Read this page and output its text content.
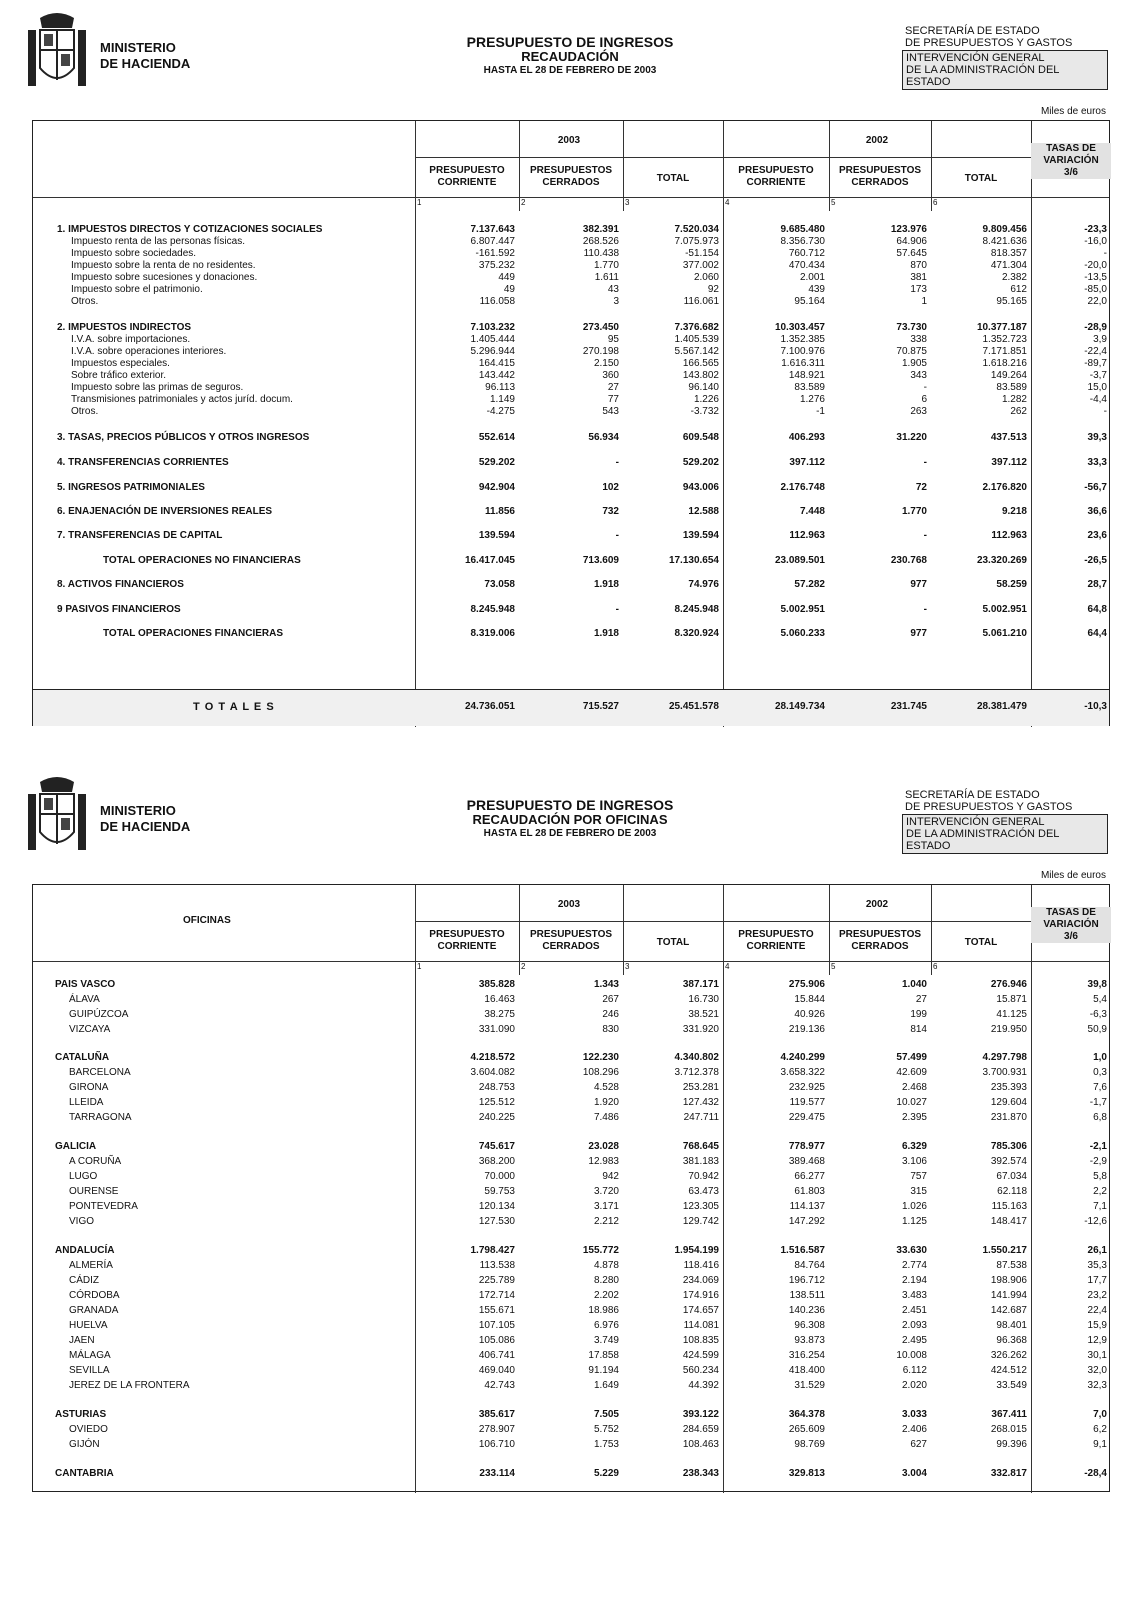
MINISTERIO
DE HACIENDA
PRESUPUESTO DE INGRESOS
RECAUDACIÓN
HASTA EL 28 DE FEBRERO DE 2003
SECRETARÍA DE ESTADO
DE PRESUPUESTOS Y GASTOS
INTERVENCIÓN GENERAL
DE LA ADMINISTRACIÓN DEL ESTADO
Miles de euros
2003	2002
PRESUPUESTO
CORRIENTE
PRESUPUESTOS
CERRADOS	TOTAL
PRESUPUESTO
CORRIENTE
PRESUPUESTOS
CERRADOS	TOTAL
TASAS DE
VARIACIÓN
3/6
1	2	3	4	5	6
1. IMPUESTOS DIRECTOS Y COTIZACIONES SOCIALES	7.137.643	382.391	7.520.034	9.685.480	123.976	9.809.456	-23,3
Impuesto renta de las personas físicas.	6.807.447	268.526	7.075.973	8.356.730	64.906	8.421.636	-16,0
Impuesto sobre sociedades.	-161.592	110.438	-51.154	760.712	57.645	818.357	-
Impuesto sobre la renta de no residentes.	375.232	1.770	377.002	470.434	870	471.304	-20,0
Impuesto sobre sucesiones y donaciones.	449	1.611	2.060	2.001	381	2.382	-13,5
Impuesto sobre el patrimonio.	49	43	92	439	173	612	-85,0
Otros.	116.058	3	116.061	95.164	1	95.165	22,0
2. IMPUESTOS INDIRECTOS	7.103.232	273.450	7.376.682	10.303.457	73.730	10.377.187	-28,9
I.V.A. sobre importaciones.	1.405.444	95	1.405.539	1.352.385	338	1.352.723	3,9
I.V.A. sobre operaciones interiores.	5.296.944	270.198	5.567.142	7.100.976	70.875	7.171.851	-22,4
Impuestos especiales.	164.415	2.150	166.565	1.616.311	1.905	1.618.216	-89,7
Sobre tráfico exterior.	143.442	360	143.802	148.921	343	149.264	-3,7
Impuesto sobre las primas de seguros.	96.113	27	96.140	83.589	-	83.589	15,0
Transmisiones patrimoniales y actos juríd. docum.	1.149	77	1.226	1.276	6	1.282	-4,4
Otros.	-4.275	543	-3.732	-1	263	262	-
3. TASAS, PRECIOS PÚBLICOS Y OTROS INGRESOS	552.614	56.934	609.548	406.293	31.220	437.513	39,3
4. TRANSFERENCIAS CORRIENTES	529.202	-	529.202	397.112	-	397.112	33,3
5. INGRESOS PATRIMONIALES	942.904	102	943.006	2.176.748	72	2.176.820	-56,7
6. ENAJENACIÓN DE INVERSIONES REALES	11.856	732	12.588	7.448	1.770	9.218	36,6
7. TRANSFERENCIAS DE CAPITAL	139.594	-	139.594	112.963	-	112.963	23,6
TOTAL OPERACIONES NO FINANCIERAS	16.417.045	713.609	17.130.654	23.089.501	230.768	23.320.269	-26,5
8. ACTIVOS FINANCIEROS	73.058	1.918	74.976	57.282	977	58.259	28,7
9 PASIVOS FINANCIEROS	8.245.948	-	8.245.948	5.002.951	-	5.002.951	64,8
TOTAL OPERACIONES FINANCIERAS	8.319.006	1.918	8.320.924	5.060.233	977	5.061.210	64,4
T O T A L E S	24.736.051	715.527	25.451.578	28.149.734	231.745	28.381.479	-10,3
MINISTERIO
DE HACIENDA
PRESUPUESTO DE INGRESOS
RECAUDACIÓN POR OFICINAS
HASTA EL 28 DE FEBRERO DE 2003
SECRETARÍA DE ESTADO
DE PRESUPUESTOS Y GASTOS
INTERVENCIÓN GENERAL
DE LA ADMINISTRACIÓN DEL ESTADO
Miles de euros
2003	2002
PRESUPUESTO
CORRIENTE
PRESUPUESTOS
CERRADOS	TOTAL
PRESUPUESTO
CORRIENTE
PRESUPUESTOS
CERRADOS	TOTAL
TASAS DE
VARIACIÓN
3/6
1	2	3	4	5	6
OFICINAS
PAIS VASCO	385.828	1.343	387.171	275.906	1.040	276.946	39,8
ÁLAVA	16.463	267	16.730	15.844	27	15.871	5,4
GUIPÚZCOA	38.275	246	38.521	40.926	199	41.125	-6,3
VIZCAYA	331.090	830	331.920	219.136	814	219.950	50,9
CATALUÑA	4.218.572	122.230	4.340.802	4.240.299	57.499	4.297.798	1,0
BARCELONA	3.604.082	108.296	3.712.378	3.658.322	42.609	3.700.931	0,3
GIRONA	248.753	4.528	253.281	232.925	2.468	235.393	7,6
LLEIDA	125.512	1.920	127.432	119.577	10.027	129.604	-1,7
TARRAGONA	240.225	7.486	247.711	229.475	2.395	231.870	6,8
GALICIA	745.617	23.028	768.645	778.977	6.329	785.306	-2,1
A CORUÑA	368.200	12.983	381.183	389.468	3.106	392.574	-2,9
LUGO	70.000	942	70.942	66.277	757	67.034	5,8
OURENSE	59.753	3.720	63.473	61.803	315	62.118	2,2
PONTEVEDRA	120.134	3.171	123.305	114.137	1.026	115.163	7,1
VIGO	127.530	2.212	129.742	147.292	1.125	148.417	-12,6
ANDALUCÍA	1.798.427	155.772	1.954.199	1.516.587	33.630	1.550.217	26,1
ALMERÍA	113.538	4.878	118.416	84.764	2.774	87.538	35,3
CÁDIZ	225.789	8.280	234.069	196.712	2.194	198.906	17,7
CÓRDOBA	172.714	2.202	174.916	138.511	3.483	141.994	23,2
GRANADA	155.671	18.986	174.657	140.236	2.451	142.687	22,4
HUELVA	107.105	6.976	114.081	96.308	2.093	98.401	15,9
JAEN	105.086	3.749	108.835	93.873	2.495	96.368	12,9
MÁLAGA	406.741	17.858	424.599	316.254	10.008	326.262	30,1
SEVILLA	469.040	91.194	560.234	418.400	6.112	424.512	32,0
JEREZ DE LA FRONTERA	42.743	1.649	44.392	31.529	2.020	33.549	32,3
ASTURIAS	385.617	7.505	393.122	364.378	3.033	367.411	7,0
OVIEDO	278.907	5.752	284.659	265.609	2.406	268.015	6,2
GIJÓN	106.710	1.753	108.463	98.769	627	99.396	9,1
CANTABRIA	233.114	5.229	238.343	329.813	3.004	332.817	-28,4
